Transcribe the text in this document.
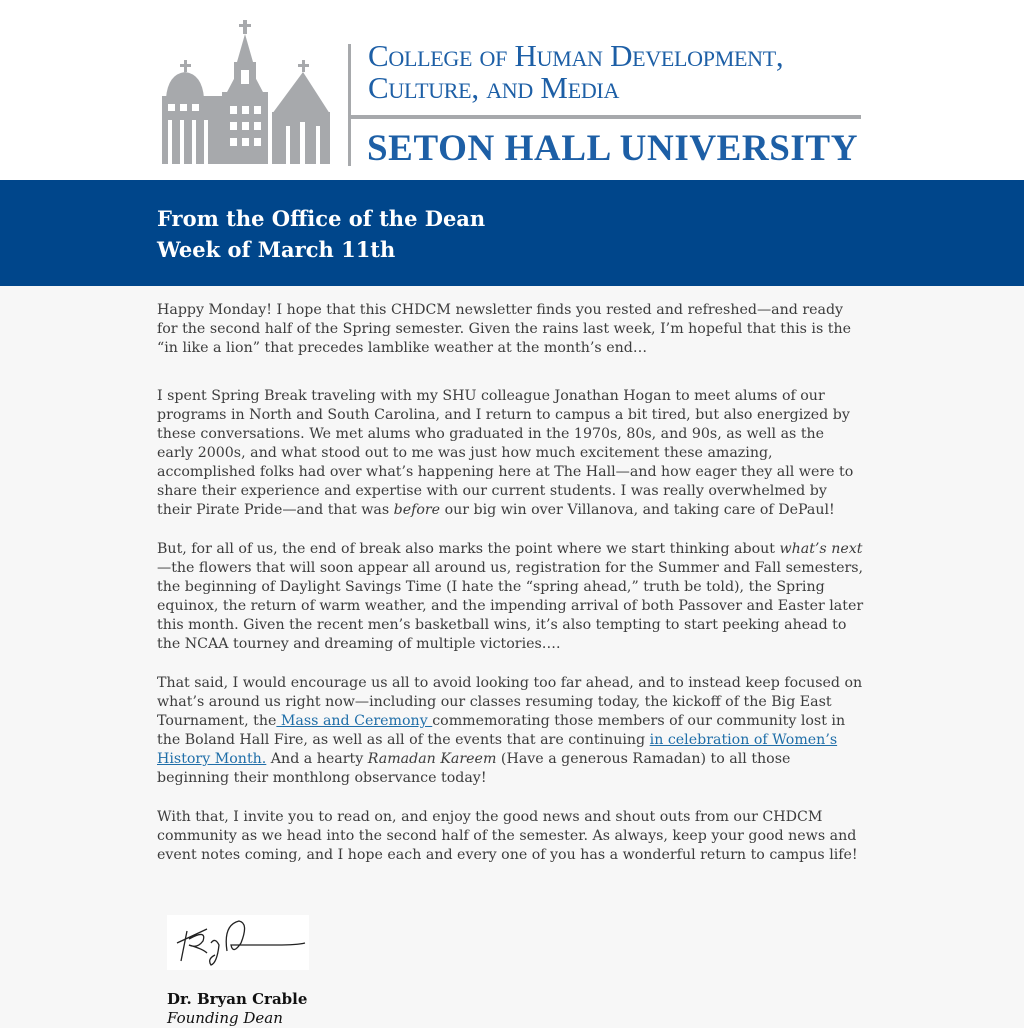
College of Human Development,
Culture, and Media
SETON HALL UNIVERSITY
From the Office of the Dean
Week of March 11th

Happy Monday! I hope that this CHDCM newsletter finds you rested and refreshed—and ready for the second half of the Spring semester. Given the rains last week, I’m hopeful that this is the “in like a lion” that precedes lamblike weather at the month’s end…

I spent Spring Break traveling with my SHU colleague Jonathan Hogan to meet alums of our programs in North and South Carolina, and I return to campus a bit tired, but also energized by these conversations. We met alums who graduated in the 1970s, 80s, and 90s, as well as the early 2000s, and what stood out to me was just how much excitement these amazing, accomplished folks had over what’s happening here at The Hall—and how eager they all were to share their experience and expertise with our current students. I was really overwhelmed by their Pirate Pride—and that was before our big win over Villanova, and taking care of DePaul!

But, for all of us, the end of break also marks the point where we start thinking about what’s next—the flowers that will soon appear all around us, registration for the Summer and Fall semesters, the beginning of Daylight Savings Time (I hate the “spring ahead,” truth be told), the Spring equinox, the return of warm weather, and the impending arrival of both Passover and Easter later this month. Given the recent men’s basketball wins, it’s also tempting to start peeking ahead to the NCAA tourney and dreaming of multiple victories….

That said, I would encourage us all to avoid looking too far ahead, and to instead keep focused on what’s around us right now—including our classes resuming today, the kickoff of the Big East Tournament, the Mass and Ceremony commemorating those members of our community lost in the Boland Hall Fire, as well as all of the events that are continuing in celebration of Women’s History Month. And a hearty Ramadan Kareem (Have a generous Ramadan) to all those beginning their monthlong observance today!

With that, I invite you to read on, and enjoy the good news and shout outs from our CHDCM community as we head into the second half of the semester. As always, keep your good news and event notes coming, and I hope each and every one of you has a wonderful return to campus life!

Dr. Bryan Crable
Founding Dean
